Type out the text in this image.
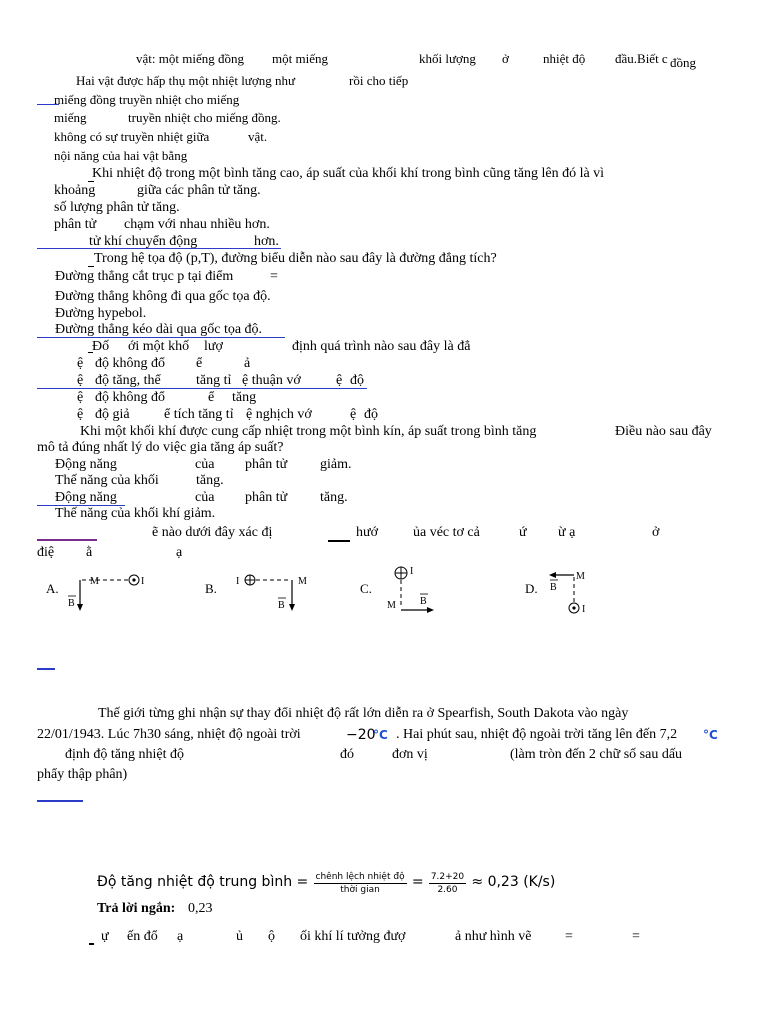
vật: một miếng đồng một miếng	khối lượng ở	nhiệt độ đầu.Biết c đồng
Hai vật được hấp thụ một nhiệt lượng như	rồi cho tiếp
miếng đồng truyền nhiệt cho miếng
miếng	truyền nhiệt cho miếng đồng.
không có sự truyền nhiệt giữa	vật.
nội năng của hai vật bằng
Khi nhiệt độ trong một bình tăng cao, áp suất của khối khí trong bình cũng tăng lên đó là vì
khoảng	giữa các phân tử tăng.
số lượng phân tử tăng.
phân tử chạm với nhau nhiều hơn.
tử khí chuyển động	hơn.
Trong hệ tọa độ (p,T), đường biểu diễn nào sau đây là đường đẳng tích?
Đường thẳng cắt trục p tại điểm	=
Đường thẳng không đi qua gốc tọa độ.
Đường hypebol.
Đường thẳng kéo dài qua gốc tọa độ.
Đố ới một khố lượ	định quá trình nào sau đây là đẳ
ệ độ không đổ ể	ả
ệ độ tăng, thể	tăng tỉ ệ thuận vớ	ệ độ
ệ độ không đổ	ể tăng
ệ độ giả ể tích tăng tỉ ệ nghịch vớ	ệ độ
Khi một khối khí được cung cấp nhiệt trong một bình kín, áp suất trong bình tăng	Điều nào sau đây
mô tả đúng nhất lý do việc gia tăng áp suất?
Động năng	của phân tử giảm.
Thế năng của khối	tăng.
Động năng	của phân tử tăng.
Thế năng của khối khí giảm.
ẽ nào dưới đây xác đị	hướ	ủa véc tơ cả	ứ ừ ạ	ở
điệ ằ	ạ
A.	M	I
B
B. I	M
B
C.
I
M B
D.
M
B
I
Thế giới từng ghi nhận sự thay đổi nhiệt độ rất lớn diễn ra ở Spearfish, South Dakota vào ngày
22/01/1943. Lúc 7h30 sáng, nhiệt độ ngoài trời	−20
°C . Hai phút sau, nhiệt độ ngoài trời tăng lên đến 7,2 °C
định độ tăng nhiệt độ	đó	đơn vị	(làm tròn đến 2 chữ số sau dấu
phẩy thập phân)
Độ tăng nhiệt độ trung bình = $\frac{\text{chênh lệch nhiệt độ}}{\text{thời gian}} = \frac{7.2+20}{2.60} \approx 0,23$ (K/s)
Trả lời ngắn: 0,23
ự ến đổ ạ	ủ ộ ối khí lí tưởng đượ	ả như hình vẽ =	=
